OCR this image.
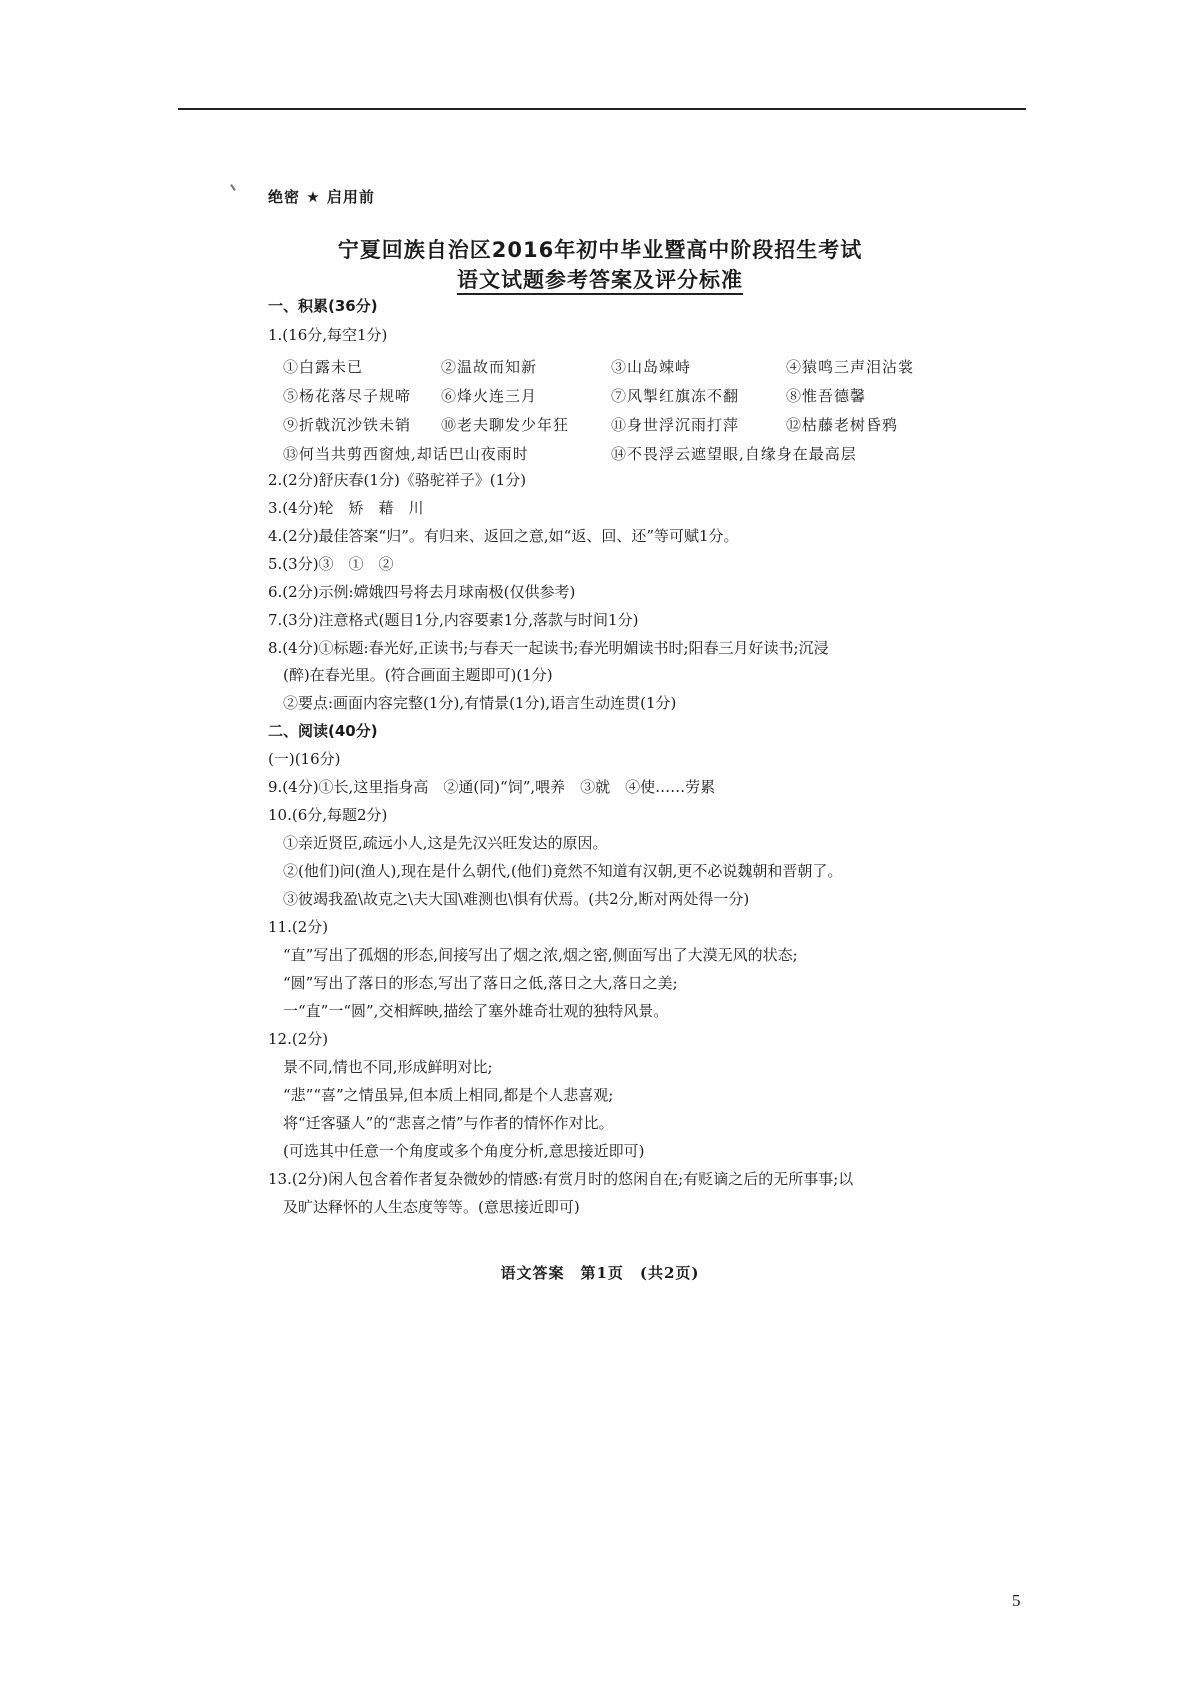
绝密 ★ 启用前
宁夏回族自治区2016年初中毕业暨高中阶段招生考试
语文试题参考答案及评分标准
一、积累(36分)
1.(16分,每空1分)
①白露未已	②温故而知新	③山岛竦峙	④猿鸣三声泪沾裳
⑤杨花落尽子规啼 ⑥烽火连三月	⑦风掣红旗冻不翻	⑧惟吾德馨
⑨折戟沉沙铁未销 ⑩老夫聊发少年狂	⑪身世浮沉雨打萍	⑫枯藤老树昏鸦
⑬何当共剪西窗烛,却话巴山夜雨时	⑭不畏浮云遮望眼,自缘身在最高层
2.(2分)舒庆春(1分)《骆驼祥子》(1分)
3.(4分)轮　矫　藉　川
4.(2分)最佳答案“归”。有归来、返回之意,如“返、回、还”等可赋1分。
5.(3分)③　①　②
6.(2分)示例:嫦娥四号将去月球南极(仅供参考)
7.(3分)注意格式(题目1分,内容要素1分,落款与时间1分)
8.(4分)①标题:春光好,正读书;与春天一起读书;春光明媚读书时;阳春三月好读书;沉浸
(醉)在春光里。(符合画面主题即可)(1分)
②要点:画面内容完整(1分),有情景(1分),语言生动连贯(1分)
二、阅读(40分)
(一)(16分)
9.(4分)①长,这里指身高　②通(同)“饲”,喂养　③就　④使……劳累
10.(6分,每题2分)
①亲近贤臣,疏远小人,这是先汉兴旺发达的原因。
②(他们)问(渔人),现在是什么朝代,(他们)竟然不知道有汉朝,更不必说魏朝和晋朝了。
③彼竭我盈\故克之\夫大国\难测也\惧有伏焉。(共2分,断对两处得一分)
11.(2分)
“直”写出了孤烟的形态,间接写出了烟之浓,烟之密,侧面写出了大漠无风的状态;
“圆”写出了落日的形态,写出了落日之低,落日之大,落日之美;
一“直”一“圆”,交相辉映,描绘了塞外雄奇壮观的独特风景。
12.(2分)
景不同,情也不同,形成鲜明对比;
“悲”“喜”之情虽异,但本质上相同,都是个人悲喜观;
将“迁客骚人”的“悲喜之情”与作者的情怀作对比。
(可选其中任意一个角度或多个角度分析,意思接近即可)
13.(2分)闲人包含着作者复杂微妙的情感:有赏月时的悠闲自在;有贬谪之后的无所事事;以
及旷达释怀的人生态度等等。(意思接近即可)
语文答案　第1页　(共2页)
5
